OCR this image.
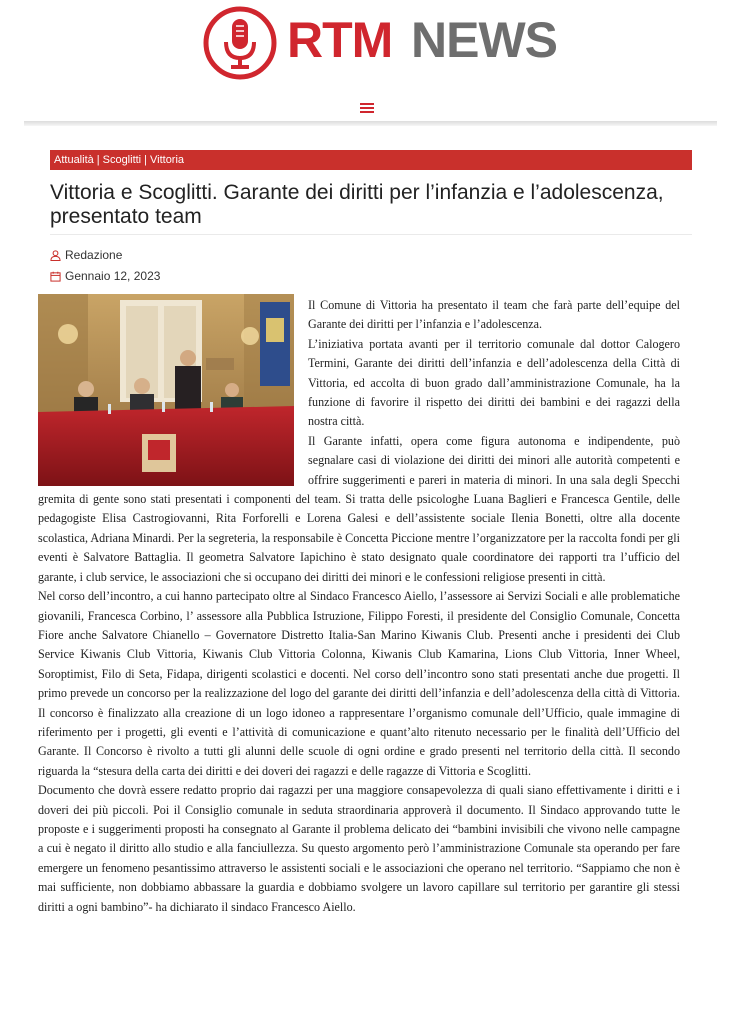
RTM NEWS
Attualità | Scoglitti | Vittoria
Vittoria e Scoglitti. Garante dei diritti per l’infanzia e l’adolescenza, presentato team
Redazione
Gennaio 12, 2023

Il Comune di Vittoria ha presentato il team che farà parte dell’equipe del Garante dei diritti per l’infanzia e l’adolescenza.

L’iniziativa portata avanti per il territorio comunale dal dottor Calogero Termini, Garante dei diritti dell’infanzia e dell’adolescenza della Città di Vittoria, ed accolta di buon grado dall’amministrazione Comunale, ha la funzione di favorire il rispetto dei diritti dei bambini e dei ragazzi della nostra città.

Il Garante infatti, opera come figura autonoma e indipendente, può segnalare casi di violazione dei diritti dei minori alle autorità competenti e offrire suggerimenti e pareri in materia di minori. In una sala degli Specchi gremita di gente sono stati presentati i componenti del team. Si tratta delle psicologhe Luana Baglieri e Francesca Gentile, delle pedagogiste Elisa Castrogiovanni, Rita Forforelli e Lorena Galesi e dell’assistente sociale Ilenia Bonetti, oltre alla docente scolastica, Adriana Minardi. Per la segreteria, la responsabile è Concetta Piccione mentre l’organizzatore per la raccolta fondi per gli eventi è Salvatore Battaglia. Il geometra Salvatore Iapichino è stato designato quale coordinatore dei rapporti tra l’ufficio del garante, i club service, le associazioni che si occupano dei diritti dei minori e le confessioni religiose presenti in città.

Nel corso dell’incontro, a cui hanno partecipato oltre al Sindaco Francesco Aiello, l’assessore ai Servizi Sociali e alle problematiche giovanili, Francesca Corbino, l’ assessore alla Pubblica Istruzione, Filippo Foresti, il presidente del Consiglio Comunale, Concetta Fiore anche Salvatore Chianello – Governatore Distretto Italia-San Marino Kiwanis Club. Presenti anche i presidenti dei Club Service Kiwanis Club Vittoria, Kiwanis Club Vittoria Colonna, Kiwanis Club Kamarina, Lions Club Vittoria, Inner Wheel, Soroptimist, Filo di Seta, Fidapa, dirigenti scolastici e docenti. Nel corso dell’incontro sono stati presentati anche due progetti. Il primo prevede un concorso per la realizzazione del logo del garante dei diritti dell’infanzia e dell’adolescenza della città di Vittoria. Il concorso è finalizzato alla creazione di un logo idoneo a rappresentare l’organismo comunale dell’Ufficio, quale immagine di riferimento per i progetti, gli eventi e l’attività di comunicazione e quant’alto ritenuto necessario per le finalità dell’Ufficio del Garante. Il Concorso è rivolto a tutti gli alunni delle scuole di ogni ordine e grado presenti nel territorio della città. Il secondo riguarda la “stesura della carta dei diritti e dei doveri dei ragazzi e delle ragazze di Vittoria e Scoglitti.

Documento che dovrà essere redatto proprio dai ragazzi per una maggiore consapevolezza di quali siano effettivamente i diritti e i doveri dei più piccoli. Poi il Consiglio comunale in seduta straordinaria approverà il documento. Il Sindaco approvando tutte le proposte e i suggerimenti proposti ha consegnato al Garante il problema delicato dei “bambini invisibili che vivono nelle campagne a cui è negato il diritto allo studio e alla fanciullezza. Su questo argomento però l’amministrazione Comunale sta operando per fare emergere un fenomeno pesantissimo attraverso le assistenti sociali e le associazioni che operano nel territorio. “Sappiamo che non è mai sufficiente, non dobbiamo abbassare la guardia e dobbiamo svolgere un lavoro capillare sul territorio per garantire gli stessi diritti a ogni bambino”- ha dichiarato il sindaco Francesco Aiello.
